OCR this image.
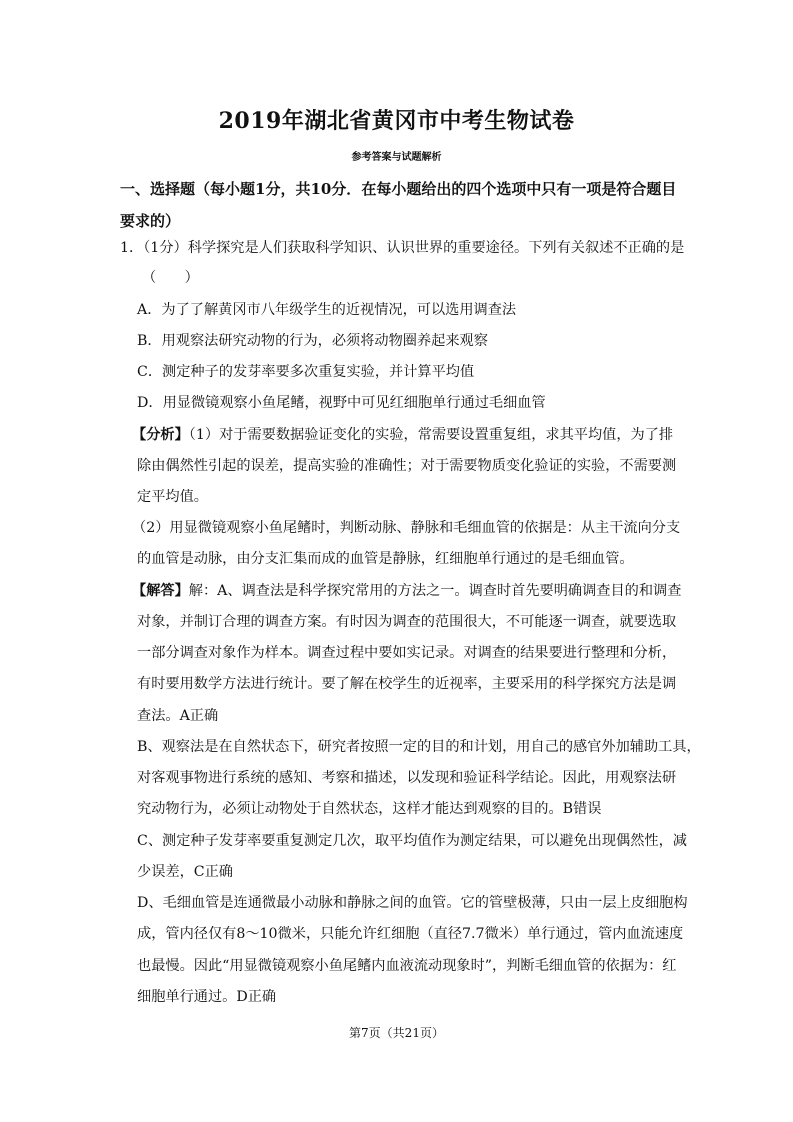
2019年湖北省黄冈市中考生物试卷
参考答案与试题解析
一、选择题（每小题1分，共10分．在每小题给出的四个选项中只有一项是符合题目要求的）
1．（1分）科学探究是人们获取科学知识、认识世界的重要途径。下列有关叙述不正确的是
（　　）
A．为了了解黄冈市八年级学生的近视情况，可以选用调查法
B．用观察法研究动物的行为，必须将动物圈养起来观察
C．测定种子的发芽率要多次重复实验，并计算平均值
D．用显微镜观察小鱼尾鳍，视野中可见红细胞单行通过毛细血管
【分析】（1）对于需要数据验证变化的实验，常需要设置重复组，求其平均值，为了排
除由偶然性引起的误差，提高实验的准确性；对于需要物质变化验证的实验，不需要测
定平均值。
（2）用显微镜观察小鱼尾鳍时，判断动脉、静脉和毛细血管的依据是：从主干流向分支
的血管是动脉，由分支汇集而成的血管是静脉，红细胞单行通过的是毛细血管。
【解答】解：A、调查法是科学探究常用的方法之一。调查时首先要明确调查目的和调查
对象，并制订合理的调查方案。有时因为调查的范围很大，不可能逐一调查，就要选取
一部分调查对象作为样本。调查过程中要如实记录。对调查的结果要进行整理和分析，
有时要用数学方法进行统计。要了解在校学生的近视率，主要采用的科学探究方法是调
查法。A正确
B、观察法是在自然状态下，研究者按照一定的目的和计划，用自己的感官外加辅助工具，
对客观事物进行系统的感知、考察和描述，以发现和验证科学结论。因此，用观察法研
究动物行为，必须让动物处于自然状态，这样才能达到观察的目的。B错误
C、测定种子发芽率要重复测定几次，取平均值作为测定结果，可以避免出现偶然性，减
少误差，C正确
D、毛细血管是连通微最小动脉和静脉之间的血管。它的管壁极薄，只由一层上皮细胞构
成，管内径仅有8～10微米，只能允许红细胞（直径7.7微米）单行通过，管内血流速度
也最慢。因此“用显微镜观察小鱼尾鳍内血液流动现象时”，判断毛细血管的依据为：红
细胞单行通过。D正确
第7页（共21页）
